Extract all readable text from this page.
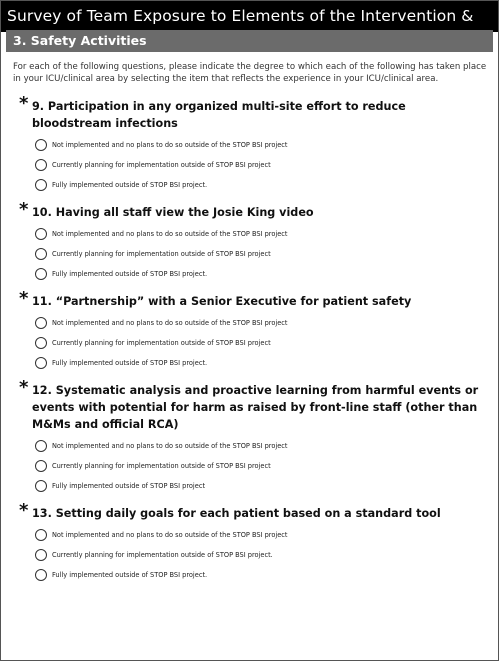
Survey of Team Exposure to Elements of the Intervention &
3. Safety Activities
For each of the following questions, please indicate the degree to which each of the following has taken place in your ICU/clinical area by selecting the item that reflects the experience in your ICU/clinical area.
* 9. Participation in any organized multi-site effort to reduce bloodstream infections
Not implemented and no plans to do so outside of the STOP BSI project
Currently planning for implementation outside of STOP BSI project
Fully implemented outside of STOP BSI project.
* 10. Having all staff view the Josie King video
Not implemented and no plans to do so outside of the STOP BSI project
Currently planning for implementation outside of STOP BSI project
Fully implemented outside of STOP BSI project.
* 11. “Partnership” with a Senior Executive for patient safety
Not implemented and no plans to do so outside of the STOP BSI project
Currently planning for implementation outside of STOP BSI project
Fully implemented outside of STOP BSI project.
* 12. Systematic analysis and proactive learning from harmful events or events with potential for harm as raised by front-line staff (other than M&Ms and official RCA)
Not implemented and no plans to do so outside of the STOP BSI project
Currently planning for implementation outside of STOP BSI project
Fully implemented outside of STOP BSI project
* 13. Setting daily goals for each patient based on a standard tool
Not implemented and no plans to do so outside of the STOP BSI project
Currently planning for implementation outside of STOP BSI project.
Fully implemented outside of STOP BSI project.
